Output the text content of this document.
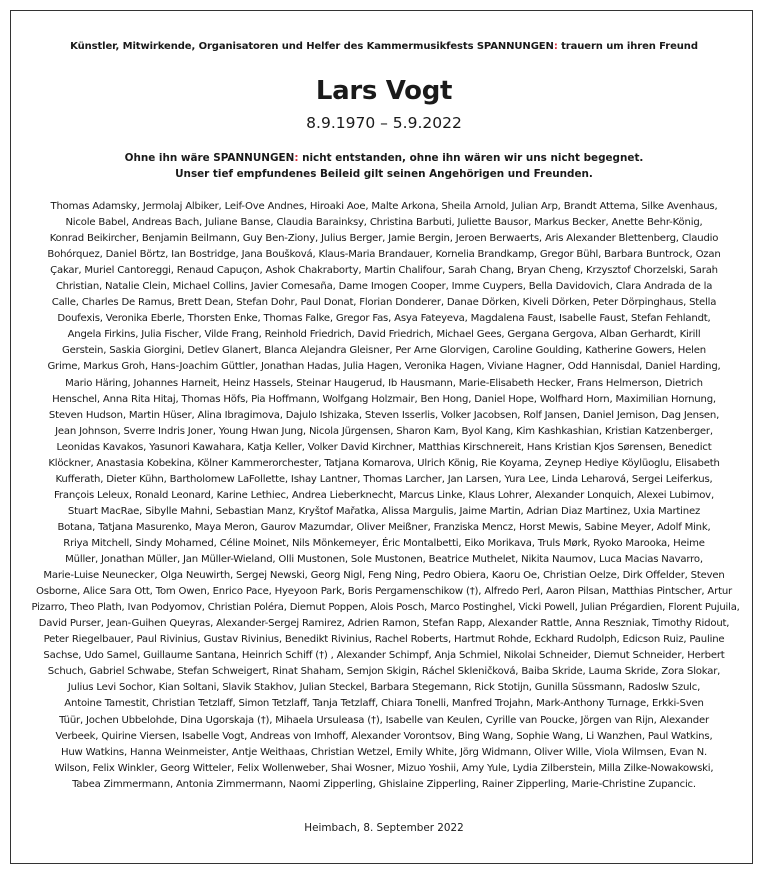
Künstler, Mitwirkende, Organisatoren und Helfer des Kammermusikfests SPANNUNGEN: trauern um ihren Freund
Lars Vogt
8.9.1970 – 5.9.2022
Ohne ihn wäre SPANNUNGEN: nicht entstanden, ohne ihn wären wir uns nicht begegnet.
Unser tief empfundenes Beileid gilt seinen Angehörigen und Freunden.
Thomas Adamsky, Jermolaj Albiker, Leif-Ove Andnes, Hiroaki Aoe, Malte Arkona, Sheila Arnold, Julian Arp, Brandt Attema, Silke Avenhaus,
Nicole Babel, Andreas Bach, Juliane Banse, Claudia Barainksy, Christina Barbuti, Juliette Bausor, Markus Becker, Anette Behr-König,
Konrad Beikircher, Benjamin Beilmann, Guy Ben-Ziony, Julius Berger, Jamie Bergin, Jeroen Berwaerts, Aris Alexander Blettenberg, Claudio
Bohórquez, Daniel Börtz, Ian Bostridge, Jana Boušková, Klaus-Maria Brandauer, Kornelia Brandkamp, Gregor Bühl, Barbara Buntrock, Ozan
Çakar, Muriel Cantoreggi, Renaud Capuçon, Ashok Chakraborty, Martin Chalifour, Sarah Chang, Bryan Cheng, Krzysztof Chorzelski, Sarah
Christian, Natalie Clein, Michael Collins, Javier Comesaña, Dame Imogen Cooper, Imme Cuypers, Bella Davidovich, Clara Andrada de la
Calle, Charles De Ramus, Brett Dean, Stefan Dohr, Paul Donat, Florian Donderer, Danae Dörken, Kiveli Dörken, Peter Dörpinghaus, Stella
Doufexis, Veronika Eberle, Thorsten Enke, Thomas Falke, Gregor Fas, Asya Fateyeva, Magdalena Faust, Isabelle Faust, Stefan Fehlandt,
Angela Firkins, Julia Fischer, Vilde Frang, Reinhold Friedrich, David Friedrich, Michael Gees, Gergana Gergova, Alban Gerhardt, Kirill
Gerstein, Saskia Giorgini, Detlev Glanert, Blanca Alejandra Gleisner, Per Arne Glorvigen, Caroline Goulding, Katherine Gowers, Helen
Grime, Markus Groh, Hans-Joachim Güttler, Jonathan Hadas, Julia Hagen, Veronika Hagen, Viviane Hagner, Odd Hannisdal, Daniel Harding,
Mario Häring, Johannes Harneit, Heinz Hassels, Steinar Haugerud, Ib Hausmann, Marie-Elisabeth Hecker, Frans Helmerson, Dietrich
Henschel, Anna Rita Hitaj, Thomas Höfs, Pia Hoffmann, Wolfgang Holzmair, Ben Hong, Daniel Hope, Wolfhard Horn, Maximilian Hornung,
Steven Hudson, Martin Hüser, Alina Ibragimova, Dajulo Ishizaka, Steven Isserlis, Volker Jacobsen, Rolf Jansen, Daniel Jemison, Dag Jensen,
Jean Johnson, Sverre Indris Joner, Young Hwan Jung, Nicola Jürgensen, Sharon Kam, Byol Kang, Kim Kashkashian, Kristian Katzenberger,
Leonidas Kavakos, Yasunori Kawahara, Katja Keller, Volker David Kirchner, Matthias Kirschnereit, Hans Kristian Kjos Sørensen, Benedict
Klöckner, Anastasia Kobekina, Kölner Kammerorchester, Tatjana Komarova, Ulrich König, Rie Koyama, Zeynep Hediye Köylüoglu, Elisabeth
Kufferath, Dieter Kühn, Bartholomew LaFollette, Ishay Lantner, Thomas Larcher, Jan Larsen, Yura Lee, Linda Leharová, Sergei Leiferkus,
François Leleux, Ronald Leonard, Karine Lethiec, Andrea Lieberknecht, Marcus Linke, Klaus Lohrer, Alexander Lonquich, Alexei Lubimov,
Stuart MacRae, Sibylle Mahni, Sebastian Manz, Kryštof Mařatka, Alissa Margulis, Jaime Martin, Adrian Diaz Martinez, Uxia Martinez
Botana, Tatjana Masurenko, Maya Meron, Gaurov Mazumdar, Oliver Meißner, Franziska Mencz, Horst Mewis, Sabine Meyer, Adolf Mink,
Rriya Mitchell, Sindy Mohamed, Céline Moinet, Nils Mönkemeyer, Éric Montalbetti, Eiko Morikava, Truls Mørk, Ryoko Marooka, Heime
Müller, Jonathan Müller, Jan Müller-Wieland, Olli Mustonen, Sole Mustonen, Beatrice Muthelet, Nikita Naumov, Luca Macias Navarro,
Marie-Luise Neunecker, Olga Neuwirth, Sergej Newski, Georg Nigl, Feng Ning, Pedro Obiera, Kaoru Oe, Christian Oelze, Dirk Offelder, Steven
Osborne, Alice Sara Ott, Tom Owen, Enrico Pace, Hyeyoon Park, Boris Pergamenschikow (†), Alfredo Perl, Aaron Pilsan, Matthias Pintscher, Artur
Pizarro, Theo Plath, Ivan Podyomov, Christian Poléra, Diemut Poppen, Alois Posch, Marco Postinghel, Vicki Powell, Julian Prégardien, Florent Pujuila,
David Purser, Jean-Guihen Queyras, Alexander-Sergej Ramirez, Adrien Ramon, Stefan Rapp, Alexander Rattle, Anna Reszniak, Timothy Ridout,
Peter Riegelbauer, Paul Rivinius, Gustav Rivinius, Benedikt Rivinius, Rachel Roberts, Hartmut Rohde, Eckhard Rudolph, Edicson Ruiz, Pauline
Sachse, Udo Samel, Guillaume Santana, Heinrich Schiff (†) , Alexander Schimpf, Anja Schmiel, Nikolai Schneider, Diemut Schneider, Herbert
Schuch, Gabriel Schwabe, Stefan Schweigert, Rinat Shaham, Semjon Skigin, Ráchel Skleničková, Baiba Skride, Lauma Skride, Zora Slokar,
Julius Levi Sochor, Kian Soltani, Slavik Stakhov, Julian Steckel, Barbara Stegemann, Rick Stotijn, Gunilla Süssmann, Radoslw Szulc,
Antoine Tamestit, Christian Tetzlaff, Simon Tetzlaff, Tanja Tetzlaff, Chiara Tonelli, Manfred Trojahn, Mark-Anthony Turnage, Erkki-Sven
Tüür, Jochen Ubbelohde, Dina Ugorskaja (†), Mihaela Ursuleasa (†), Isabelle van Keulen, Cyrille van Poucke, Jörgen van Rijn, Alexander
Verbeek, Quirine Viersen, Isabelle Vogt, Andreas von Imhoff, Alexander Vorontsov, Bing Wang, Sophie Wang, Li Wanzhen, Paul Watkins,
Huw Watkins, Hanna Weinmeister, Antje Weithaas, Christian Wetzel, Emily White, Jörg Widmann, Oliver Wille, Viola Wilmsen, Evan N.
Wilson, Felix Winkler, Georg Witteler, Felix Wollenweber, Shai Wosner, Mizuo Yoshii, Amy Yule, Lydia Zilberstein, Milla Zilke-Nowakowski,
Tabea Zimmermann, Antonia Zimmermann, Naomi Zipperling, Ghislaine Zipperling, Rainer Zipperling, Marie-Christine Zupancic.
Heimbach, 8. September 2022
